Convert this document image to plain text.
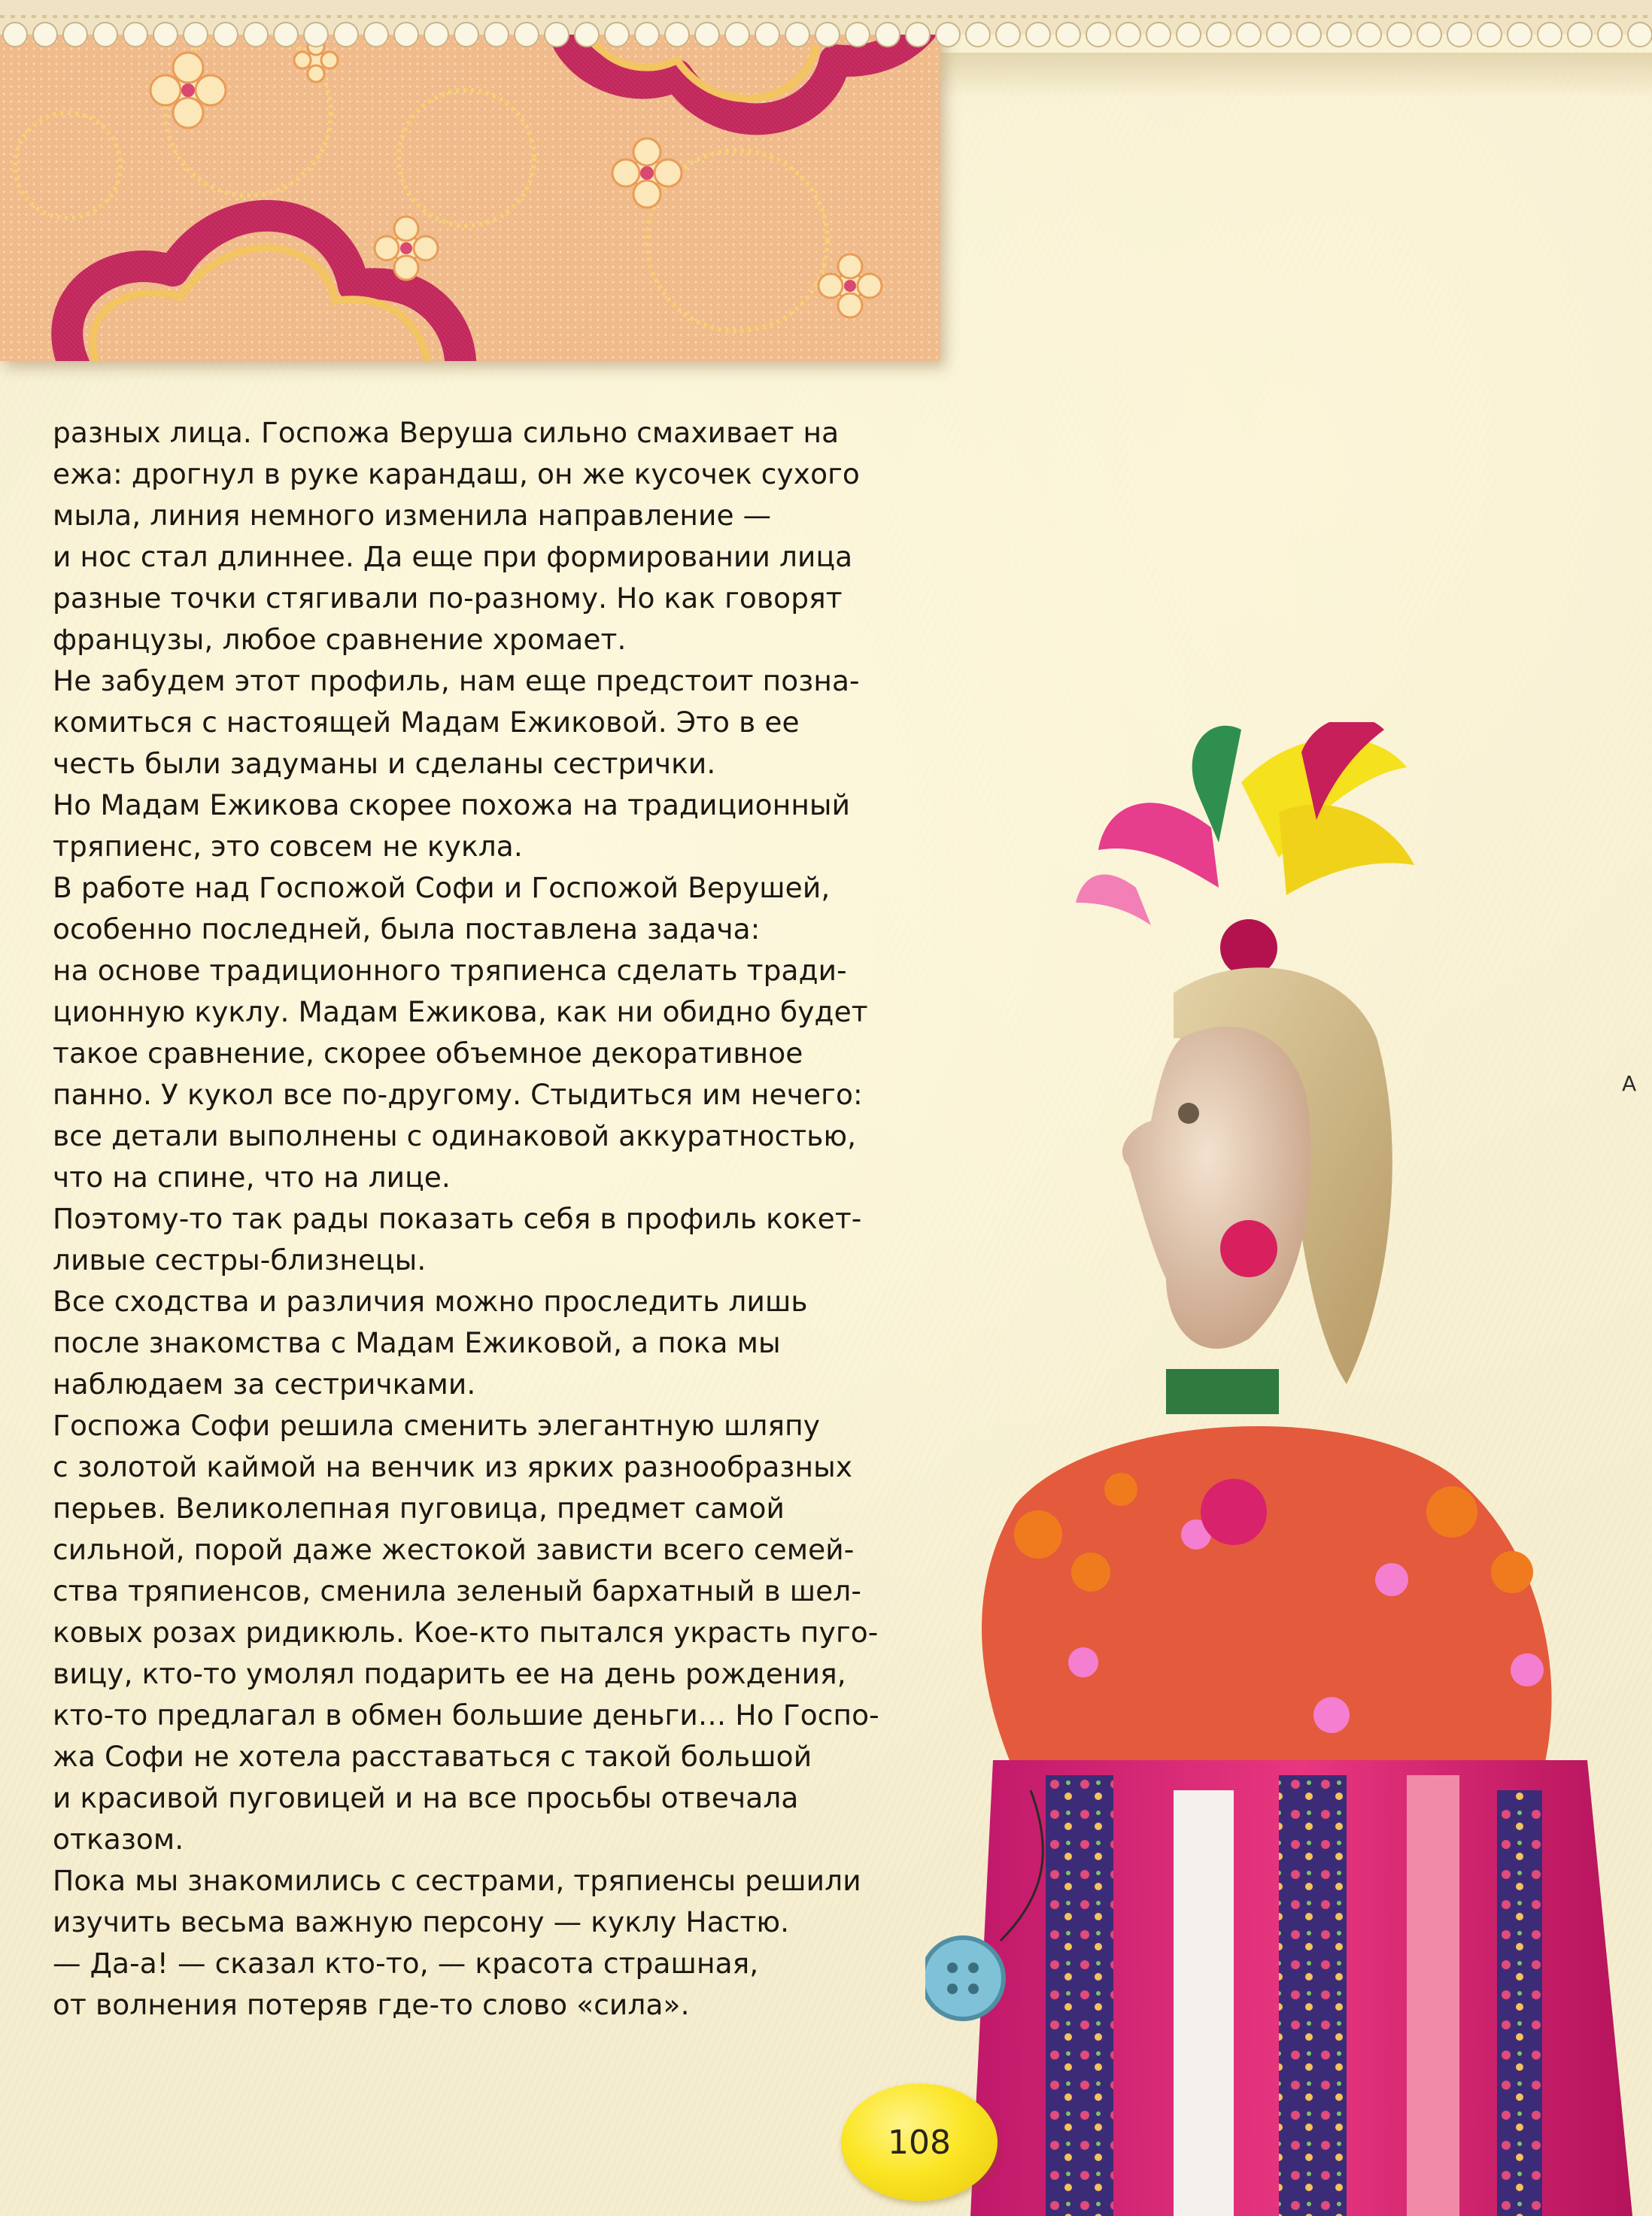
разных лица. Госпожа Веруша сильно смахивает на
ежа: дрогнул в руке карандаш, он же кусочек сухого
мыла, линия немного изменила направление —
и нос стал длиннее. Да еще при формировании лица
разные точки стягивали по-разному. Но как говорят
французы, любое сравнение хромает.
Не забудем этот профиль, нам еще предстоит позна-
комиться с настоящей Мадам Ежиковой. Это в ее
честь были задуманы и сделаны сестрички.
Но Мадам Ежикова скорее похожа на традиционный
тряпиенс, это совсем не кукла.
В работе над Госпожой Софи и Госпожой Верушей,
особенно последней, была поставлена задача:
на основе традиционного тряпиенса сделать тради-
ционную куклу. Мадам Ежикова, как ни обидно будет
такое сравнение, скорее объемное декоративное
панно. У кукол все по-другому. Стыдиться им нечего:
все детали выполнены с одинаковой аккуратностью,
что на спине, что на лице.
Поэтому-то так рады показать себя в профиль кокет-
ливые сестры-близнецы.
Все сходства и различия можно проследить лишь
после знакомства с Мадам Ежиковой, а пока мы
наблюдаем за сестричками.
Госпожа Софи решила сменить элегантную шляпу
с золотой каймой на венчик из ярких разнообразных
перьев. Великолепная пуговица, предмет самой
сильной, порой даже жестокой зависти всего семей-
ства тряпиенсов, сменила зеленый бархатный в шел-
ковых розах ридикюль. Кое-кто пытался украсть пуго-
вицу, кто-то умолял подарить ее на день рождения,
кто-то предлагал в обмен большие деньги… Но Госпо-
жа Софи не хотела расставаться с такой большой
и красивой пуговицей и на все просьбы отвечала
отказом.
Пока мы знакомились с сестрами, тряпиенсы решили
изучить весьма важную персону — куклу Настю.
— Да-а! — сказал кто-то, — красота страшная,
от волнения потеряв где-то слово «сила».
А
108
